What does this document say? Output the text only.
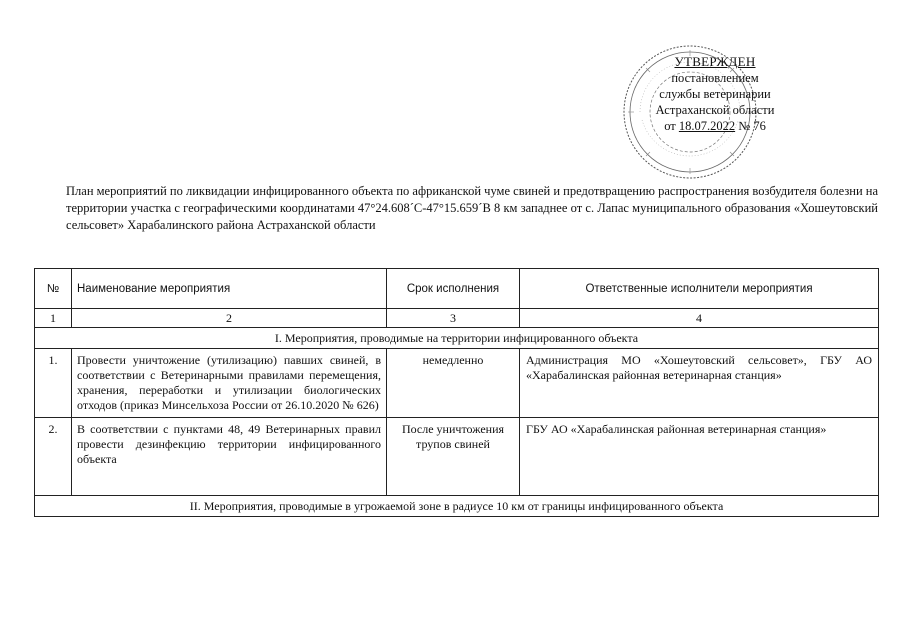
УТВЕРЖДЕН
постановлением
службы ветеринарии
Астраханской области
от 18.07.2022 № 76
План мероприятий по ликвидации инфицированного объекта по африканской чуме свиней и предотвращению распространения возбудителя болезни на территории участка с географическими координатами 47°24.608´С-47°15.659´В 8 км западнее от с. Лапас муниципального образования «Хошеутовский сельсовет» Харабалинского района Астраханской области
№	Наименование мероприятия	Срок исполнения	Ответственные исполнители мероприятия
1	2	3	4
I. Мероприятия, проводимые на территории инфицированного объекта			
1.	Провести уничтожение (утилизацию) павших свиней, в соответствии с Ветеринарными правилами перемещения, хранения, переработки и утилизации биологических отходов (приказ Минсельхоза России от 26.10.2020 № 626)	немедленно	Администрация МО «Хошеутовский сельсовет», ГБУ АО «Харабалинская районная ветеринарная станция»
2.	В соответствии с пунктами 48, 49 Ветеринарных правил провести дезинфекцию территории инфицированного объекта	После уничтожения трупов свиней	ГБУ АО «Харабалинская районная ветеринарная станция»
II. Мероприятия, проводимые в угрожаемой зоне в радиусе 10 км от границы инфицированного объекта			
